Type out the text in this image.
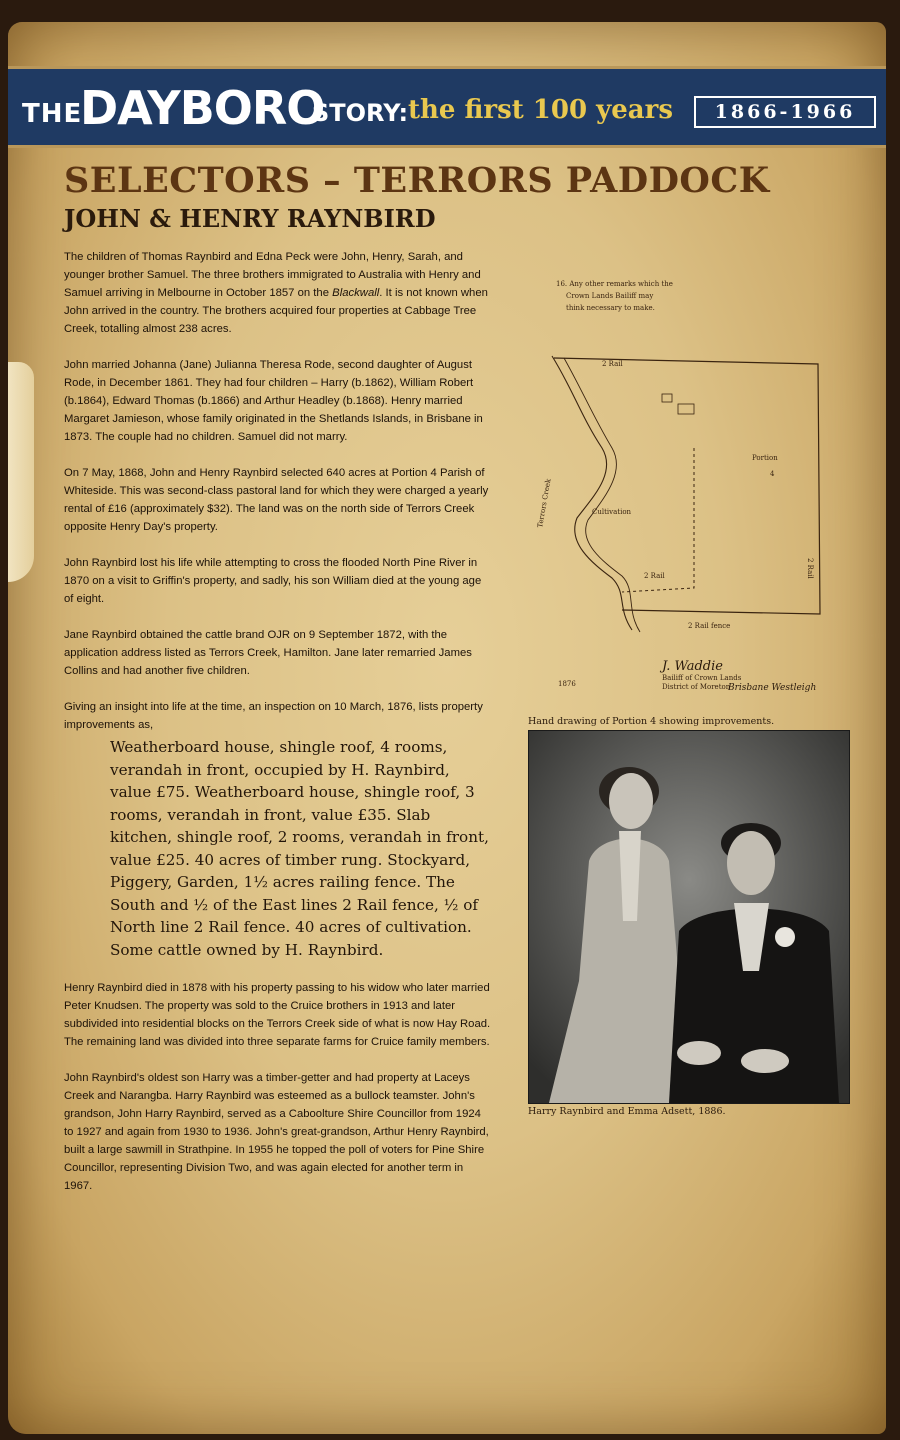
THE
DAYBORO
STORY: the first 100 years	1866-1966
SELECTORS – TERRORS PADDOCK
JOHN & HENRY RAYNBIRD

The children of Thomas Raynbird and Edna Peck were John, Henry, Sarah, and younger brother Samuel. The three brothers immigrated to Australia with Henry and Samuel arriving in Melbourne in October 1857 on the Blackwall. It is not known when John arrived in the country. The brothers acquired four properties at Cabbage Tree Creek, totalling almost 238 acres.

John married Johanna (Jane) Julianna Theresa Rode, second daughter of August Rode, in December 1861. They had four children – Harry (b.1862), William Robert (b.1864), Edward Thomas (b.1866) and Arthur Headley (b.1868). Henry married Margaret Jamieson, whose family originated in the Shetlands Islands, in Brisbane in 1873. The couple had no children. Samuel did not marry.

On 7 May, 1868, John and Henry Raynbird selected 640 acres at Portion 4 Parish of Whiteside. This was second-class pastoral land for which they were charged a yearly rental of £16 (approximately $32). The land was on the north side of Terrors Creek opposite Henry Day's property.

John Raynbird lost his life while attempting to cross the flooded North Pine River in 1870 on a visit to Griffin's property, and sadly, his son William died at the young age of eight.

Jane Raynbird obtained the cattle brand OJR on 9 September 1872, with the application address listed as Terrors Creek, Hamilton. Jane later remarried James Collins and had another five children.

Giving an insight into life at the time, an inspection on 10 March, 1876, lists property improvements as,

Weatherboard house, shingle roof, 4 rooms, verandah in front, occupied by H. Raynbird, value £75. Weatherboard house, shingle roof, 3 rooms, verandah in front, value £35. Slab kitchen, shingle roof, 2 rooms, verandah in front, value £25. 40 acres of timber rung. Stockyard, Piggery, Garden, 1½ acres railing fence. The South and ½ of the East lines 2 Rail fence, ½ of North line 2 Rail fence. 40 acres of cultivation. Some cattle owned by H. Raynbird.

Henry Raynbird died in 1878 with his property passing to his widow who later married Peter Knudsen. The property was sold to the Cruice brothers in 1913 and later subdivided into residential blocks on the Terrors Creek side of what is now Hay Road. The remaining land was divided into three separate farms for Cruice family members.

John Raynbird's oldest son Harry was a timber-getter and had property at Laceys Creek and Narangba. Harry Raynbird was esteemed as a bullock teamster. John's grandson, John Harry Raynbird, served as a Caboolture Shire Councillor from 1924 to 1927 and again from 1930 to 1936. John's great-grandson, Arthur Henry Raynbird, built a large sawmill in Strathpine. In 1955 he topped the poll of voters for Pine Shire Councillor, representing Division Two, and was again elected for another term in 1967.

16. Any other remarks which the
Crown Lands Bailiff may
think necessary to make.
2 Rail
Portion
4
Terrors Creek	Cultivation
2 Rail
2 Rail
2 Rail fence
J. Waddie
Bailiff of Crown Lands
District of Moreton
Brisbane Westleigh
1876

Hand drawing of Portion 4 showing improvements.

Harry Raynbird and Emma Adsett, 1886.
